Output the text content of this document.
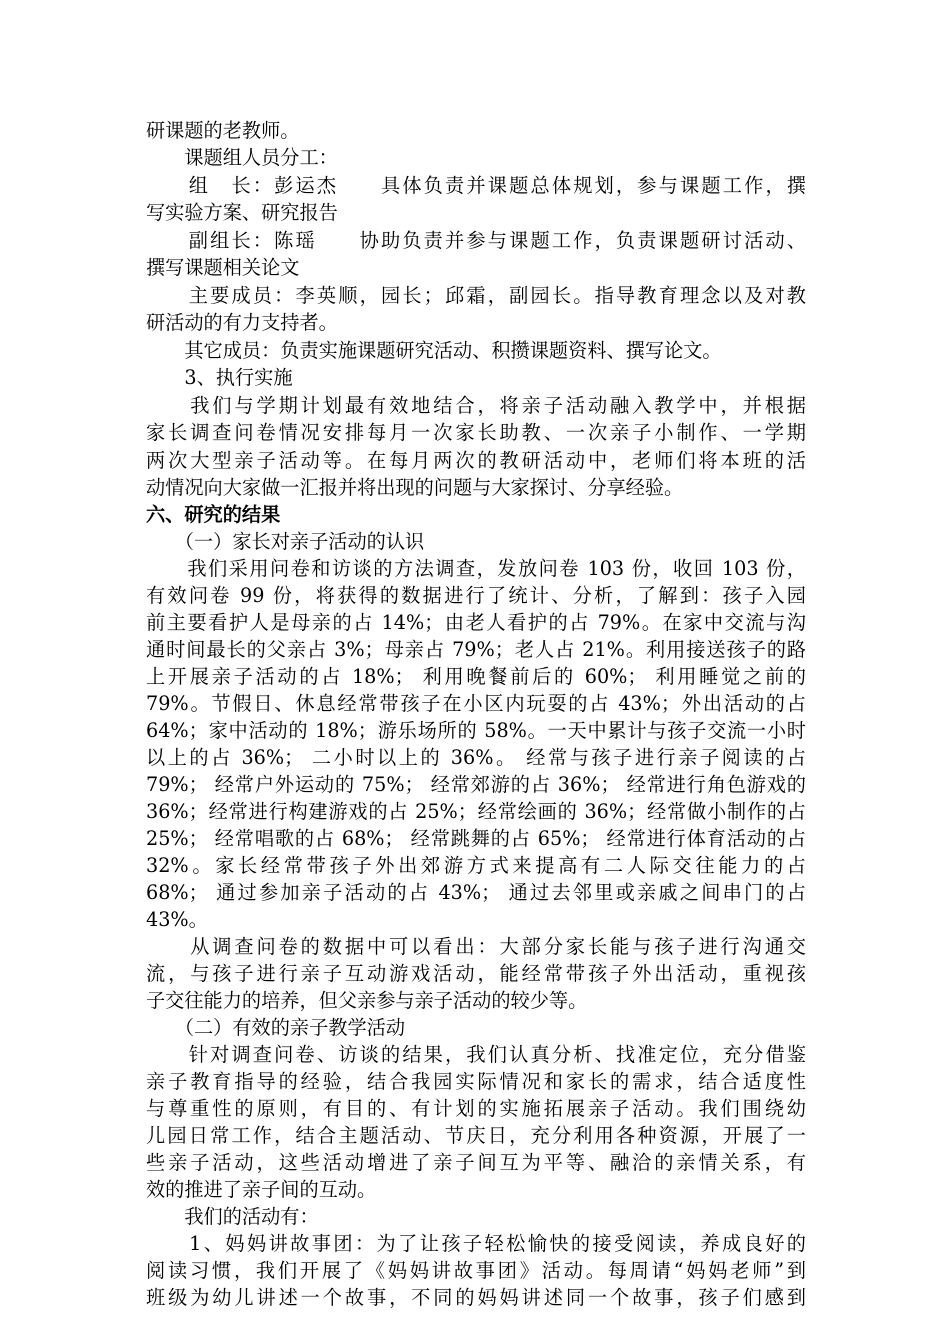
研课题的老教师。
　　课题组人员分工：
　　组　长：彭运杰　　具体负责并课题总体规划，参与课题工作，撰
写实验方案、研究报告
　　副组长：陈瑶　　协助负责并参与课题工作，负责课题研讨活动、
撰写课题相关论文
　　主要成员：李英顺，园长；邱霜，副园长。指导教育理念以及对教
研活动的有力支持者。
　　其它成员：负责实施课题研究活动、积攒课题资料、撰写论文。
　　3、执行实施
　　我们与学期计划最有效地结合，将亲子活动融入教学中，并根据
家长调查问卷情况安排每月一次家长助教、一次亲子小制作、一学期
两次大型亲子活动等。在每月两次的教研活动中，老师们将本班的活
动情况向大家做一汇报并将出现的问题与大家探讨、分享经验。
六、研究的结果
　　（一）家长对亲子活动的认识
　　我们采用问卷和访谈的方法调查，发放问卷 103 份，收回 103 份，
有效问卷 99 份，将获得的数据进行了统计、分析，了解到：孩子入园
前主要看护人是母亲的占 14%；由老人看护的占 79%。在家中交流与沟
通时间最长的父亲占 3%；母亲占 79%；老人占 21%。利用接送孩子的路
上开展亲子活动的占 18%； 利用晚餐前后的 60%； 利用睡觉之前的
79%。节假日、休息经常带孩子在小区内玩耍的占 43%；外出活动的占
64%；家中活动的 18%；游乐场所的 58%。一天中累计与孩子交流一小时
以上的占 36%； 二小时以上的 36%。 经常与孩子进行亲子阅读的占
79%； 经常户外运动的 75%； 经常郊游的占 36%； 经常进行角色游戏的
36%；经常进行构建游戏的占 25%；经常绘画的 36%；经常做小制作的占
25%； 经常唱歌的占 68%； 经常跳舞的占 65%； 经常进行体育活动的占
32%。家长经常带孩子外出郊游方式来提高有二人际交往能力的占
68%； 通过参加亲子活动的占 43%； 通过去邻里或亲戚之间串门的占
43%。
　　从调查问卷的数据中可以看出：大部分家长能与孩子进行沟通交
流，与孩子进行亲子互动游戏活动，能经常带孩子外出活动，重视孩
子交往能力的培养，但父亲参与亲子活动的较少等。
　　（二）有效的亲子教学活动
　　针对调查问卷、访谈的结果，我们认真分析、找准定位，充分借鉴
亲子教育指导的经验，结合我园实际情况和家长的需求，结合适度性
与尊重性的原则，有目的、有计划的实施拓展亲子活动。我们围绕幼
儿园日常工作，结合主题活动、节庆日，充分利用各种资源，开展了一
些亲子活动，这些活动增进了亲子间互为平等、融洽的亲情关系，有
效的推进了亲子间的互动。
　　我们的活动有：
　　1、妈妈讲故事团：为了让孩子轻松愉快的接受阅读，养成良好的
阅读习惯，我们开展了《妈妈讲故事团》活动。每周请“妈妈老师”到
班级为幼儿讲述一个故事，不同的妈妈讲述同一个故事，孩子们感到
